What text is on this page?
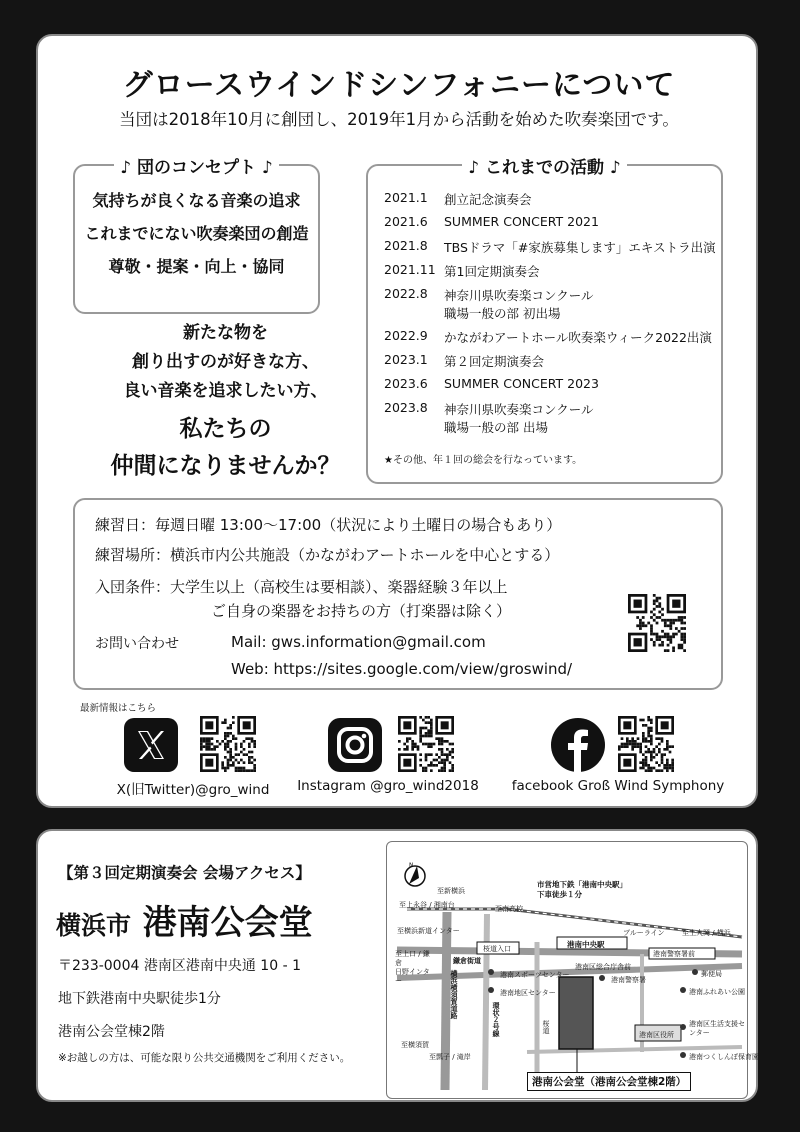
グロースウインドシンフォニーについて
当団は2018年10月に創団し、2019年1月から活動を始めた吹奏楽団です。
♪ 団のコンセプト ♪

気持ちが良くなる音楽の追求

これまでにない吹奏楽団の創造

尊敬・提案・向上・協同

新たな物を
創り出すのが好きな方、
良い音楽を追求したい方、
私たちの
仲間になりませんか？
♪ これまでの活動 ♪
2021.1	創立記念演奏会
2021.6	SUMMER CONCERT 2021
2021.8	TBSドラマ「#家族募集します」エキストラ出演
2021.11 第1回定期演奏会
2022.8	神奈川県吹奏楽コンクール
職場一般の部 初出場
2022.9	かながわアートホール吹奏楽ウィーク2022出演
2023.1	第２回定期演奏会
2023.6	SUMMER CONCERT 2023
2023.8	神奈川県吹奏楽コンクール
職場一般の部 出場
★その他、年１回の総会を行なっています。
練習日：毎週日曜 13:00～17:00（状況により土曜日の場合もあり）
練習場所：横浜市内公共施設（かながわアートホールを中心とする）
入団条件：大学生以上（高校生は要相談）、楽器経験３年以上
ご自身の楽器をお持ちの方（打楽器は除く）
お問い合わせ	Mail: gws.information@gmail.com
Web: https://sites.google.com/view/groswind/
最新情報はこちら
X(旧Twitter)@gro_wind	Instagram @gro_wind2018	facebook Groß Wind Symphony
【第３回定期演奏会 会場アクセス】
横浜市 港南公会堂
〒233-0004 港南区港南中央通 10 - 1
地下鉄港南中央駅徒歩1分
港南公会堂棟2階
※お越しの方は、可能な限り公共交通機関をご利用ください。
N
至新横浜
至上永谷 / 湘南台	至南高校
市営地下鉄「港南中央駅」下車徒歩１分
ブルーライン 至上大岡 / 横浜
至横浜新道インター
港南中央駅
桜道入口
港南警察署前
至上口 / 鎌倉
日野インター
鎌倉街道
港南区総合庁舎前
港南スポーツセンター
港南地区センター
港南警察署
郵便局
港南ふれあい公園
港南区役所
港南区生活支援センター
港南つくしんぼ保育園
横浜横須賀道路
環状２号線	桜道
至横須賀
至瓢子 / 滝岸
港南公会堂（港南公会堂棟2階）
